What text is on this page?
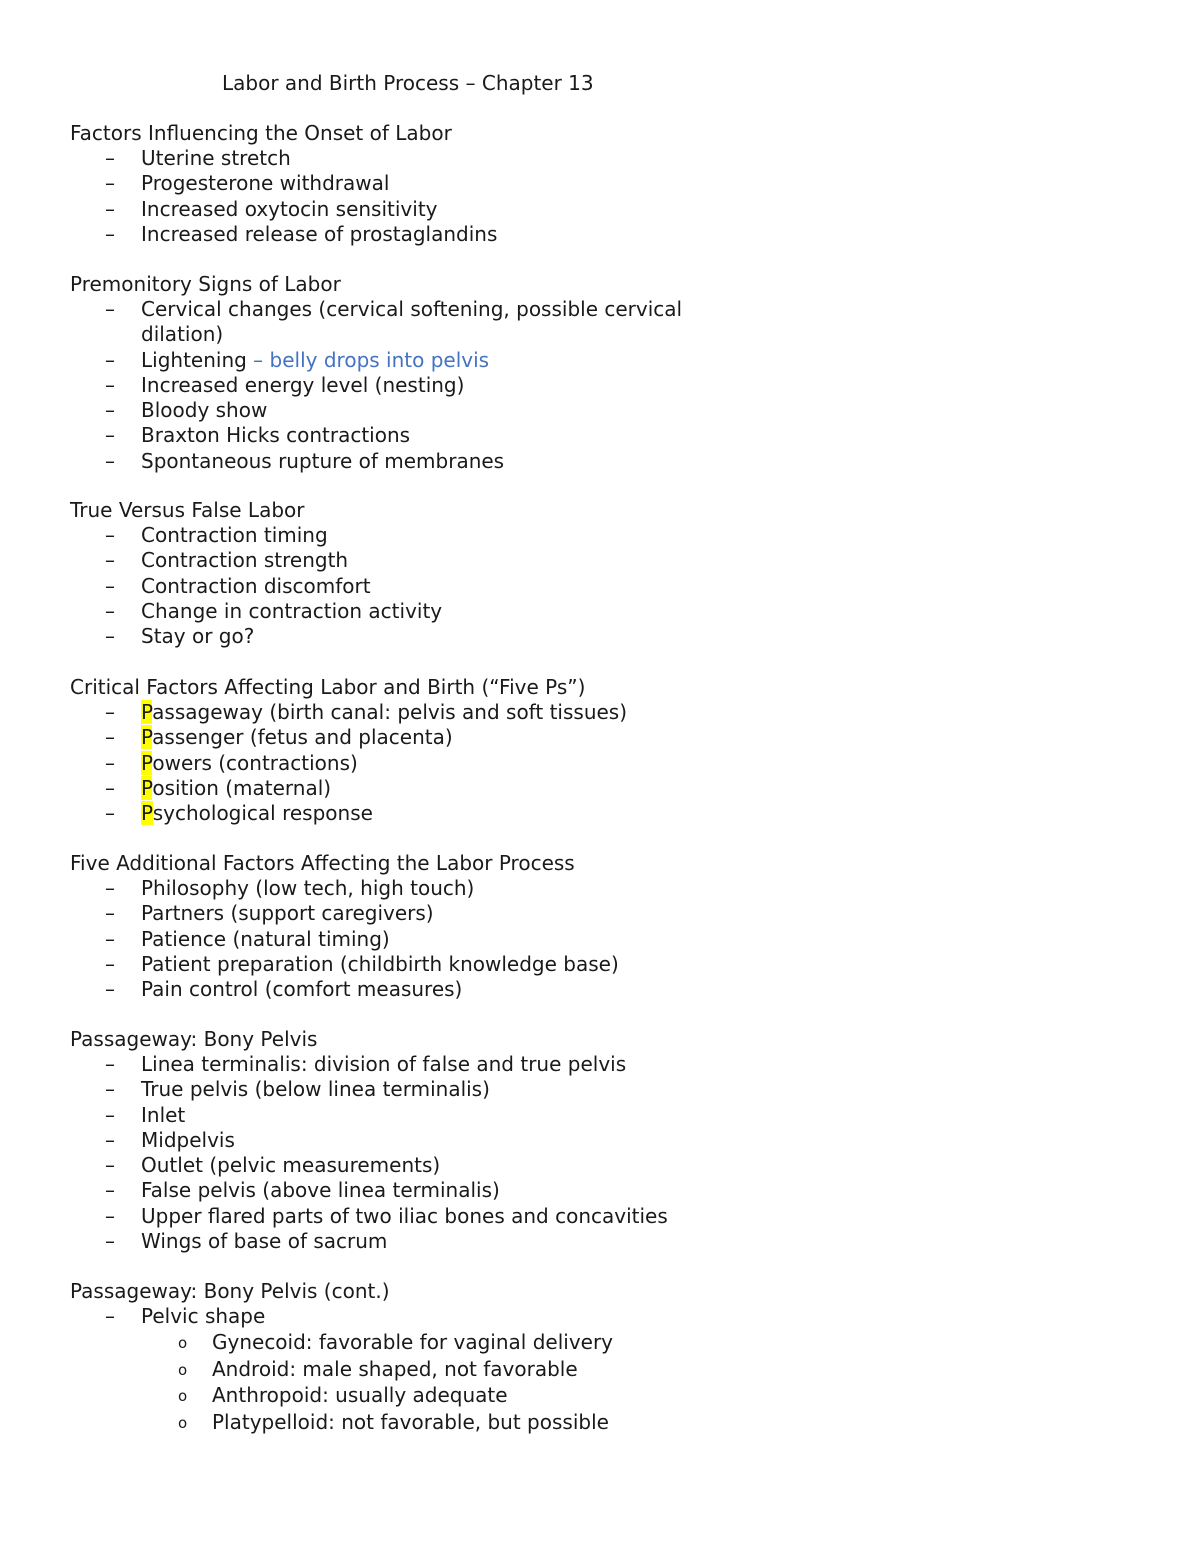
Labor and Birth Process – Chapter 13
Factors Influencing the Onset of Labor
– Uterine stretch
– Progesterone withdrawal
– Increased oxytocin sensitivity
– Increased release of prostaglandins
Premonitory Signs of Labor
– Cervical changes (cervical softening, possible cervical dilation)
– Lightening – belly drops into pelvis
– Increased energy level (nesting)
– Bloody show
– Braxton Hicks contractions
– Spontaneous rupture of membranes
True Versus False Labor
– Contraction timing
– Contraction strength
– Contraction discomfort
– Change in contraction activity
– Stay or go?
Critical Factors Affecting Labor and Birth (“Five Ps”)
– Passageway (birth canal: pelvis and soft tissues)
– Passenger (fetus and placenta)
– Powers (contractions)
– Position (maternal)
– Psychological response
Five Additional Factors Affecting the Labor Process
– Philosophy (low tech, high touch)
– Partners (support caregivers)
– Patience (natural timing)
– Patient preparation (childbirth knowledge base)
– Pain control (comfort measures)
Passageway: Bony Pelvis
– Linea terminalis: division of false and true pelvis
– True pelvis (below linea terminalis)
– Inlet
– Midpelvis
– Outlet (pelvic measurements)
– False pelvis (above linea terminalis)
– Upper flared parts of two iliac bones and concavities
– Wings of base of sacrum
Passageway: Bony Pelvis (cont.)
– Pelvic shape
o Gynecoid: favorable for vaginal delivery
o Android: male shaped, not favorable
o Anthropoid: usually adequate
o Platypelloid: not favorable, but possible
